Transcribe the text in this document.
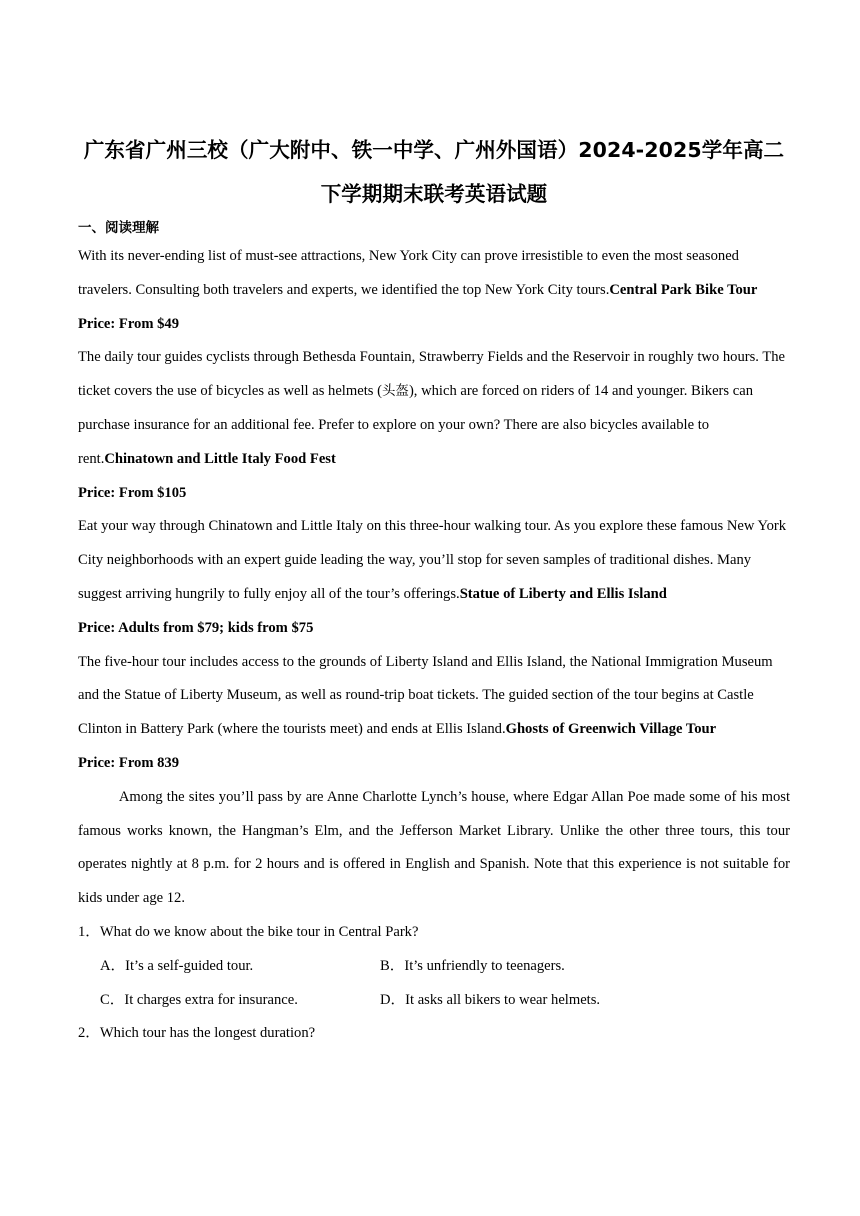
广东省广州三校（广大附中、铁一中学、广州外国语）2024-2025学年高二下学期期末联考英语试题
一、阅读理解

With its never-ending list of must-see attractions, New York City can prove irresistible to even the most seasoned travelers. Consulting both travelers and experts, we identified the top New York City tours.Central Park Bike Tour

Price: From $49

The daily tour guides cyclists through Bethesda Fountain, Strawberry Fields and the Reservoir in roughly two hours. The ticket covers the use of bicycles as well as helmets (头盔), which are forced on riders of 14 and younger. Bikers can purchase insurance for an additional fee. Prefer to explore on your own? There are also bicycles available to rent.Chinatown and Little Italy Food Fest

Price: From $105

Eat your way through Chinatown and Little Italy on this three-hour walking tour. As you explore these famous New York City neighborhoods with an expert guide leading the way, you’ll stop for seven samples of traditional dishes. Many suggest arriving hungrily to fully enjoy all of the tour’s offerings.Statue of Liberty and Ellis Island

Price: Adults from $79; kids from $75

The five-hour tour includes access to the grounds of Liberty Island and Ellis Island, the National Immigration Museum and the Statue of Liberty Museum, as well as round-trip boat tickets. The guided section of the tour begins at Castle Clinton in Battery Park (where the tourists meet) and ends at Ellis Island.Ghosts of Greenwich Village Tour

Price: From 839

Among the sites you’ll pass by are Anne Charlotte Lynch’s house, where Edgar Allan Poe made some of his most famous works known, the Hangman’s Elm, and the Jefferson Market Library. Unlike the other three tours, this tour operates nightly at 8 p.m. for 2 hours and is offered in English and Spanish. Note that this experience is not suitable for kids under age 12.

1．What do we know about the bike tour in Central Park?
A．It’s a self-guided tour.	B．It’s unfriendly to teenagers.
C．It charges extra for insurance.	D．It asks all bikers to wear helmets.
2．Which tour has the longest duration?
